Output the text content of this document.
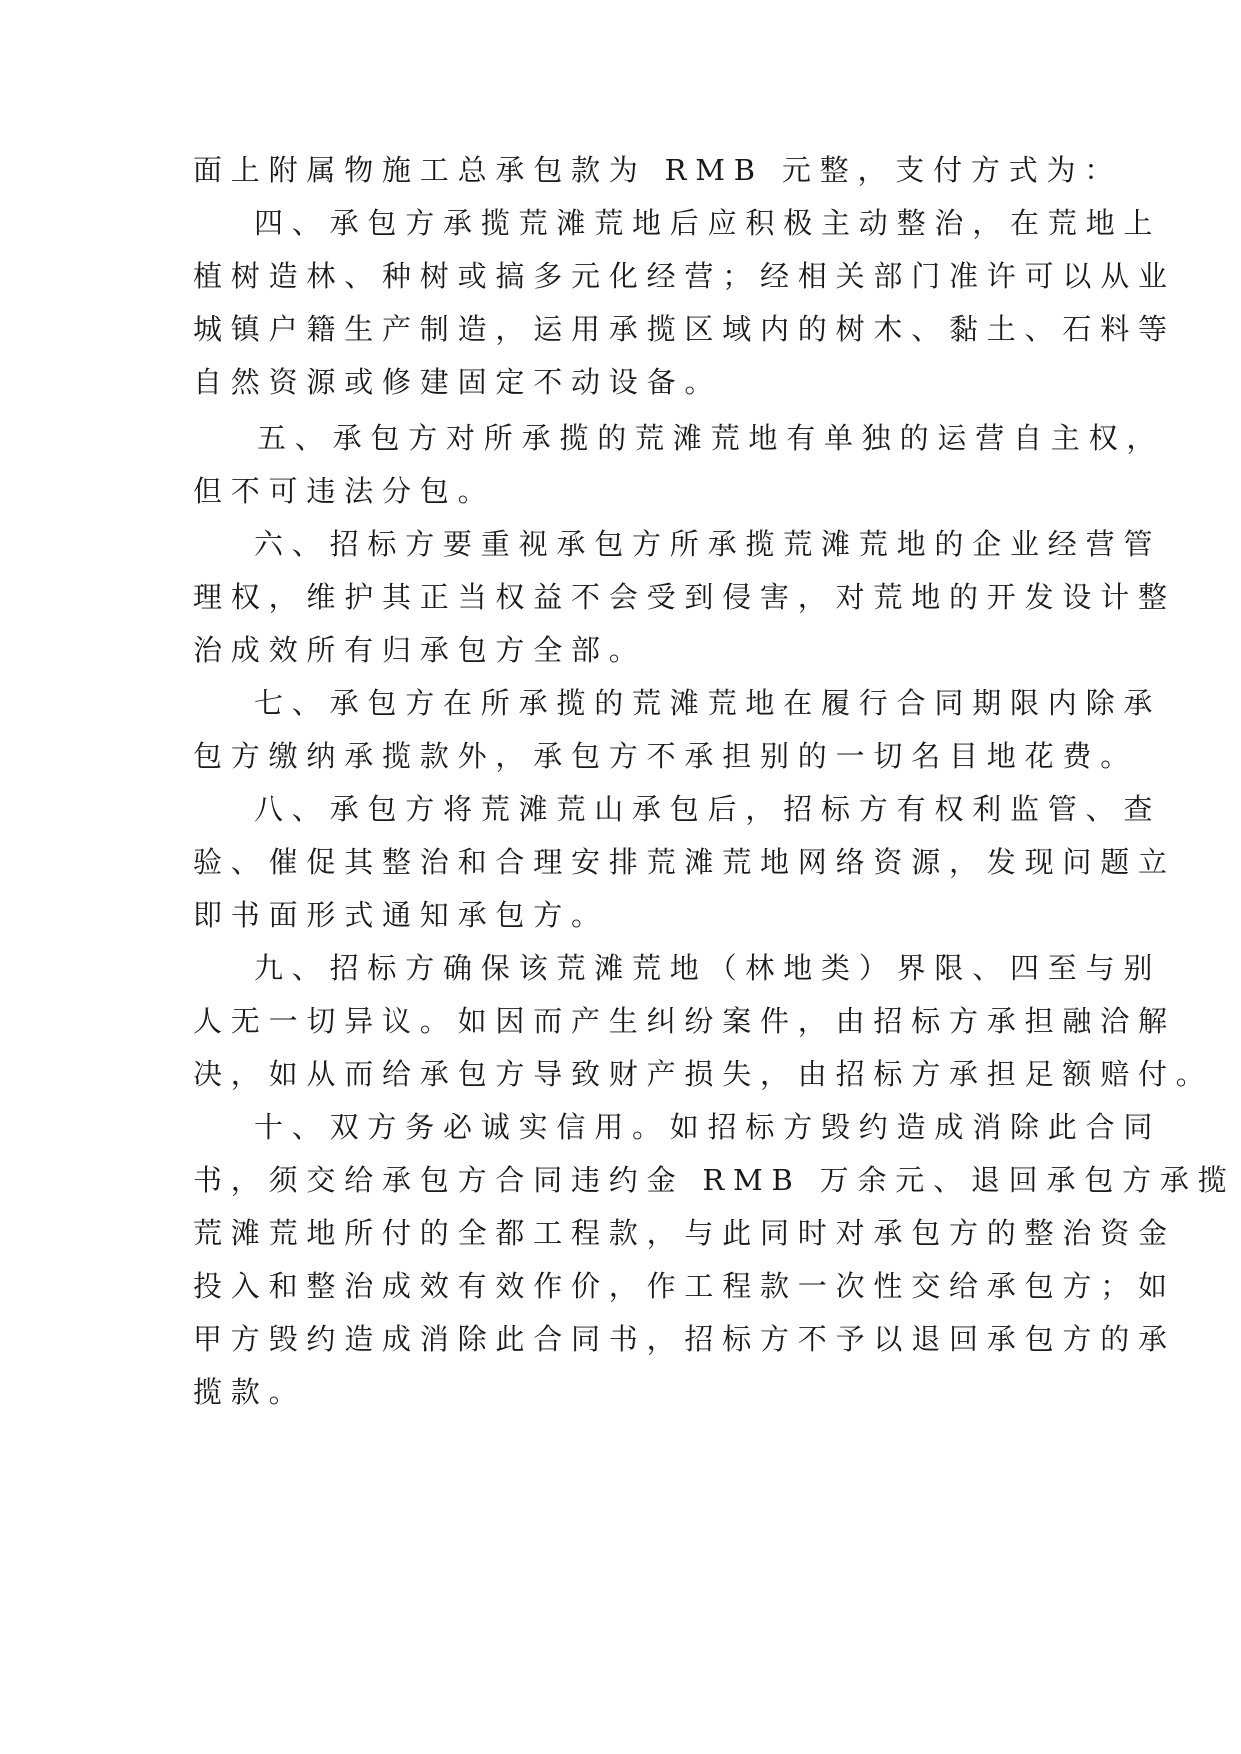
面上附属物施工总承包款为 RMB 元整，支付方式为：
四、承包方承揽荒滩荒地后应积极主动整治，在荒地上
植树造林、种树或搞多元化经营；经相关部门准许可以从业
城镇户籍生产制造，运用承揽区域内的树木、黏土、石料等
自然资源或修建固定不动设备。
五、承包方对所承揽的荒滩荒地有单独的运营自主权，
但不可违法分包。
六、招标方要重视承包方所承揽荒滩荒地的企业经营管
理权，维护其正当权益不会受到侵害，对荒地的开发设计整
治成效所有归承包方全部。
七、承包方在所承揽的荒滩荒地在履行合同期限内除承
包方缴纳承揽款外，承包方不承担别的一切名目地花费。
八、承包方将荒滩荒山承包后，招标方有权利监管、查
验、催促其整治和合理安排荒滩荒地网络资源，发现问题立
即书面形式通知承包方。
九、招标方确保该荒滩荒地（林地类）界限、四至与别
人无一切异议。如因而产生纠纷案件，由招标方承担融洽解
决，如从而给承包方导致财产损失，由招标方承担足额赔付。
十、双方务必诚实信用。如招标方毁约造成消除此合同
书，须交给承包方合同违约金 RMB 万余元、退回承包方承揽
荒滩荒地所付的全都工程款，与此同时对承包方的整治资金
投入和整治成效有效作价，作工程款一次性交给承包方；如
甲方毁约造成消除此合同书，招标方不予以退回承包方的承
揽款。
